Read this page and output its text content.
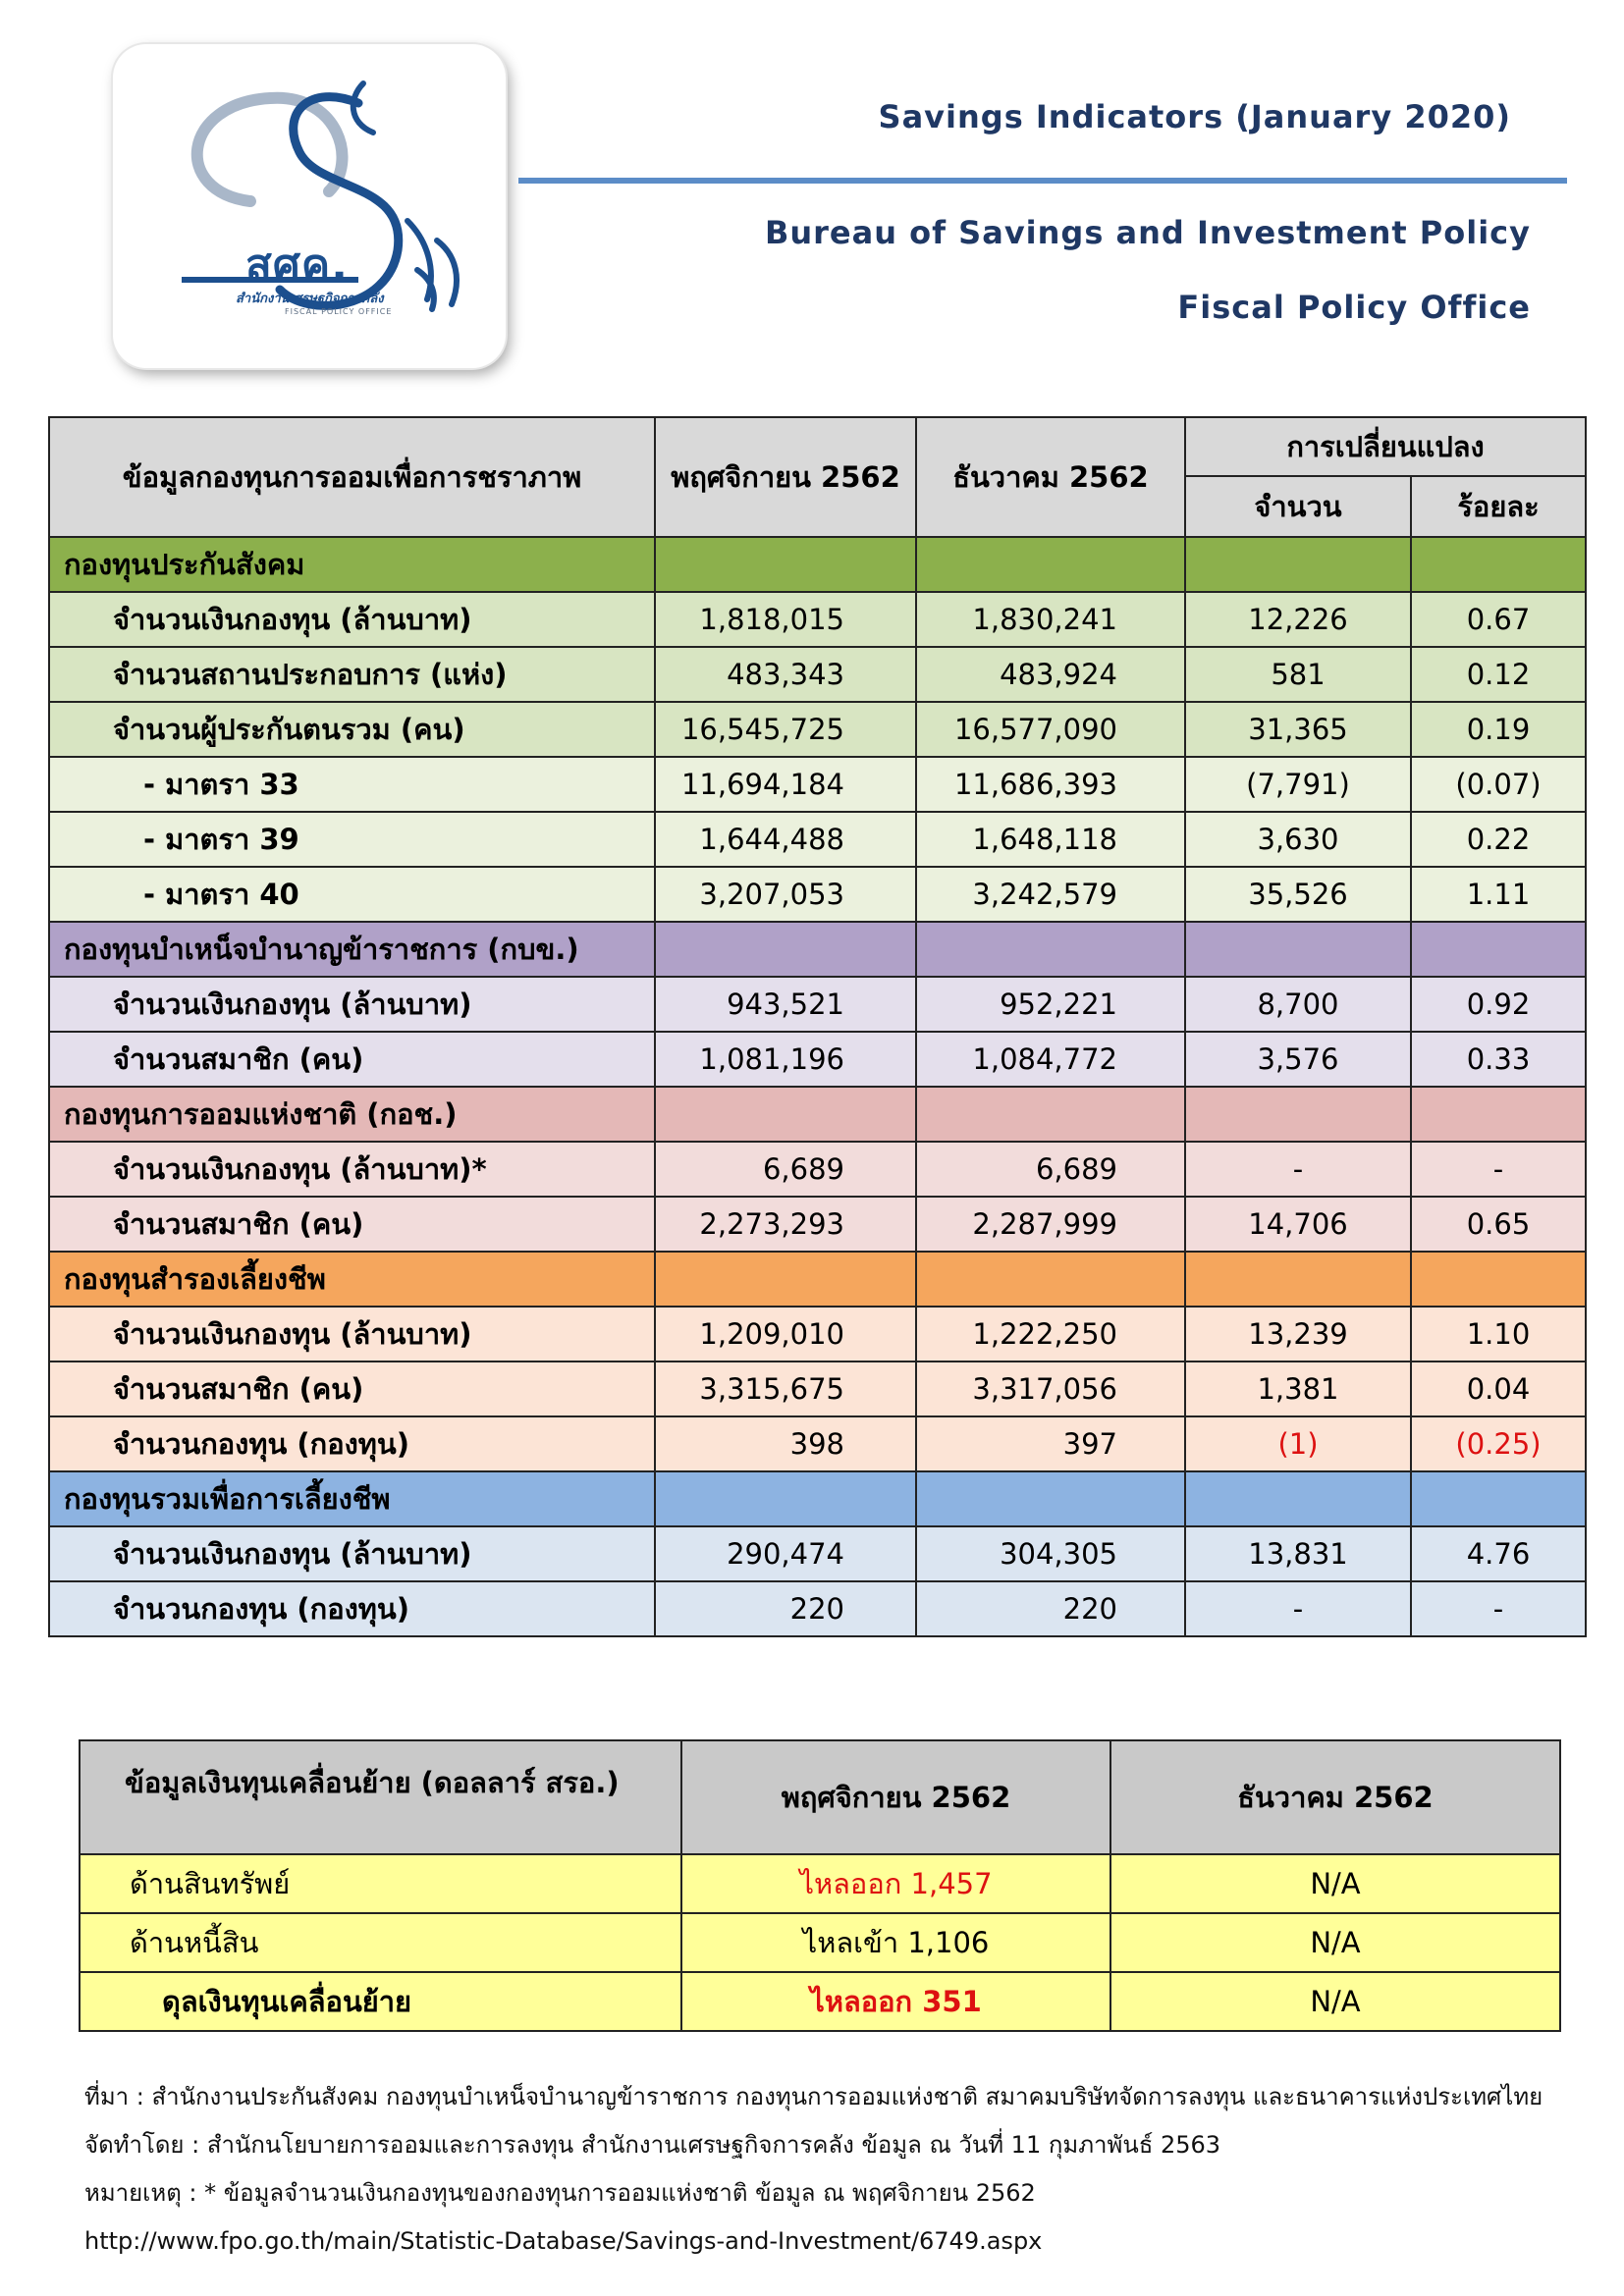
สศค.
สำนักงานเศรษฐกิจการคลัง
FISCAL POLICY OFFICE
Savings Indicators (January 2020)
Bureau of Savings and Investment Policy
Fiscal Policy Office
ข้อมูลกองทุนการออมเพื่อการชราภาพ	พฤศจิกายน 2562	ธันวาคม 2562	การเปลี่ยนแปลง	
			จำนวน	ร้อยละ
กองทุนประกันสังคม				
จำนวนเงินกองทุน (ล้านบาท)	1,818,015	1,830,241	12,226	0.67
จำนวนสถานประกอบการ (แห่ง)	483,343	483,924	581	0.12
จำนวนผู้ประกันตนรวม (คน)	16,545,725	16,577,090	31,365	0.19
- มาตรา 33	11,694,184	11,686,393	(7,791)	(0.07)
- มาตรา 39	1,644,488	1,648,118	3,630	0.22
- มาตรา 40	3,207,053	3,242,579	35,526	1.11
กองทุนบำเหน็จบำนาญข้าราชการ (กบข.)				
จำนวนเงินกองทุน (ล้านบาท)	943,521	952,221	8,700	0.92
จำนวนสมาชิก (คน)	1,081,196	1,084,772	3,576	0.33
กองทุนการออมแห่งชาติ (กอช.)				
จำนวนเงินกองทุน (ล้านบาท)*	6,689	6,689	-	-
จำนวนสมาชิก (คน)	2,273,293	2,287,999	14,706	0.65
กองทุนสำรองเลี้ยงชีพ				
จำนวนเงินกองทุน (ล้านบาท)	1,209,010	1,222,250	13,239	1.10
จำนวนสมาชิก (คน)	3,315,675	3,317,056	1,381	0.04
จำนวนกองทุน (กองทุน)	398	397	(1)	(0.25)
กองทุนรวมเพื่อการเลี้ยงชีพ				
จำนวนเงินกองทุน (ล้านบาท)	290,474	304,305	13,831	4.76
จำนวนกองทุน (กองทุน)	220	220	-	-
ข้อมูลเงินทุนเคลื่อนย้าย (ดอลลาร์ สรอ.)	พฤศจิกายน 2562	ธันวาคม 2562
ด้านสินทรัพย์	ไหลออก 1,457	N/A
ด้านหนี้สิน	ไหลเข้า 1,106	N/A
ดุลเงินทุนเคลื่อนย้าย	ไหลออก 351	N/A
ที่มา : สำนักงานประกันสังคม กองทุนบำเหน็จบำนาญข้าราชการ กองทุนการออมแห่งชาติ สมาคมบริษัทจัดการลงทุน และธนาคารแห่งประเทศไทย
จัดทำโดย : สำนักนโยบายการออมและการลงทุน สำนักงานเศรษฐกิจการคลัง ข้อมูล ณ วันที่ 11 กุมภาพันธ์ 2563
หมายเหตุ : * ข้อมูลจำนวนเงินกองทุนของกองทุนการออมแห่งชาติ ข้อมูล ณ พฤศจิกายน 2562
http://www.fpo.go.th/main/Statistic-Database/Savings-and-Investment/6749.aspx
